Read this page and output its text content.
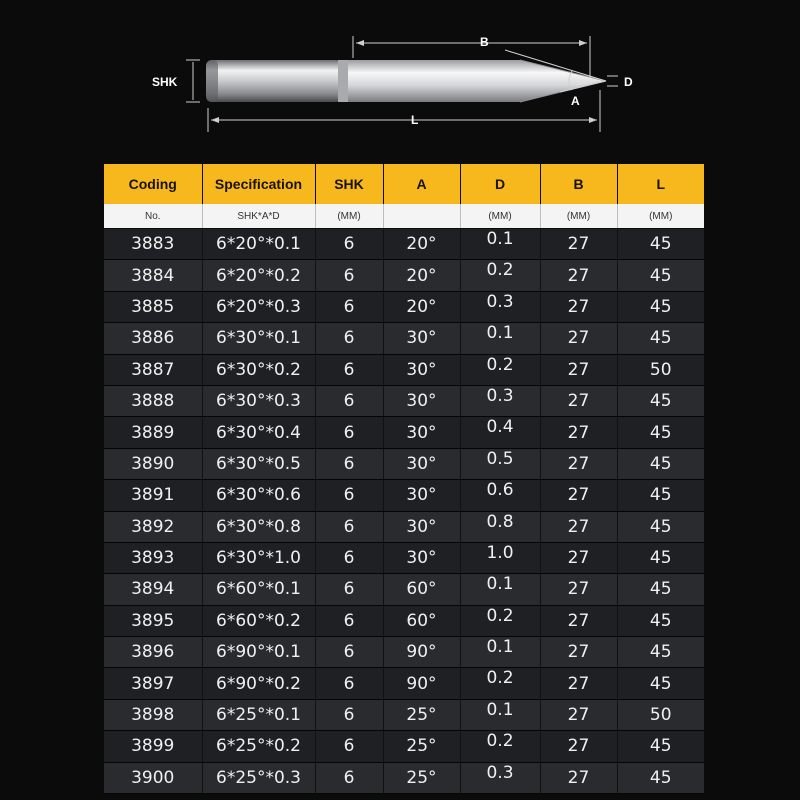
SHK
B
D
A
L
Coding	Specification	SHK	A	D	B	L
No.	SHK*A*D	(MM)		(MM)	(MM)	(MM)
3883	6*20°*0.1	6	20°	0.1	27	45
3884	6*20°*0.2	6	20°	0.2	27	45
3885	6*20°*0.3	6	20°	0.3	27	45
3886	6*30°*0.1	6	30°	0.1	27	45
3887	6*30°*0.2	6	30°	0.2	27	50
3888	6*30°*0.3	6	30°	0.3	27	45
3889	6*30°*0.4	6	30°	0.4	27	45
3890	6*30°*0.5	6	30°	0.5	27	45
3891	6*30°*0.6	6	30°	0.6	27	45
3892	6*30°*0.8	6	30°	0.8	27	45
3893	6*30°*1.0	6	30°	1.0	27	45
3894	6*60°*0.1	6	60°	0.1	27	45
3895	6*60°*0.2	6	60°	0.2	27	45
3896	6*90°*0.1	6	90°	0.1	27	45
3897	6*90°*0.2	6	90°	0.2	27	45
3898	6*25°*0.1	6	25°	0.1	27	50
3899	6*25°*0.2	6	25°	0.2	27	45
3900	6*25°*0.3	6	25°	0.3	27	45
